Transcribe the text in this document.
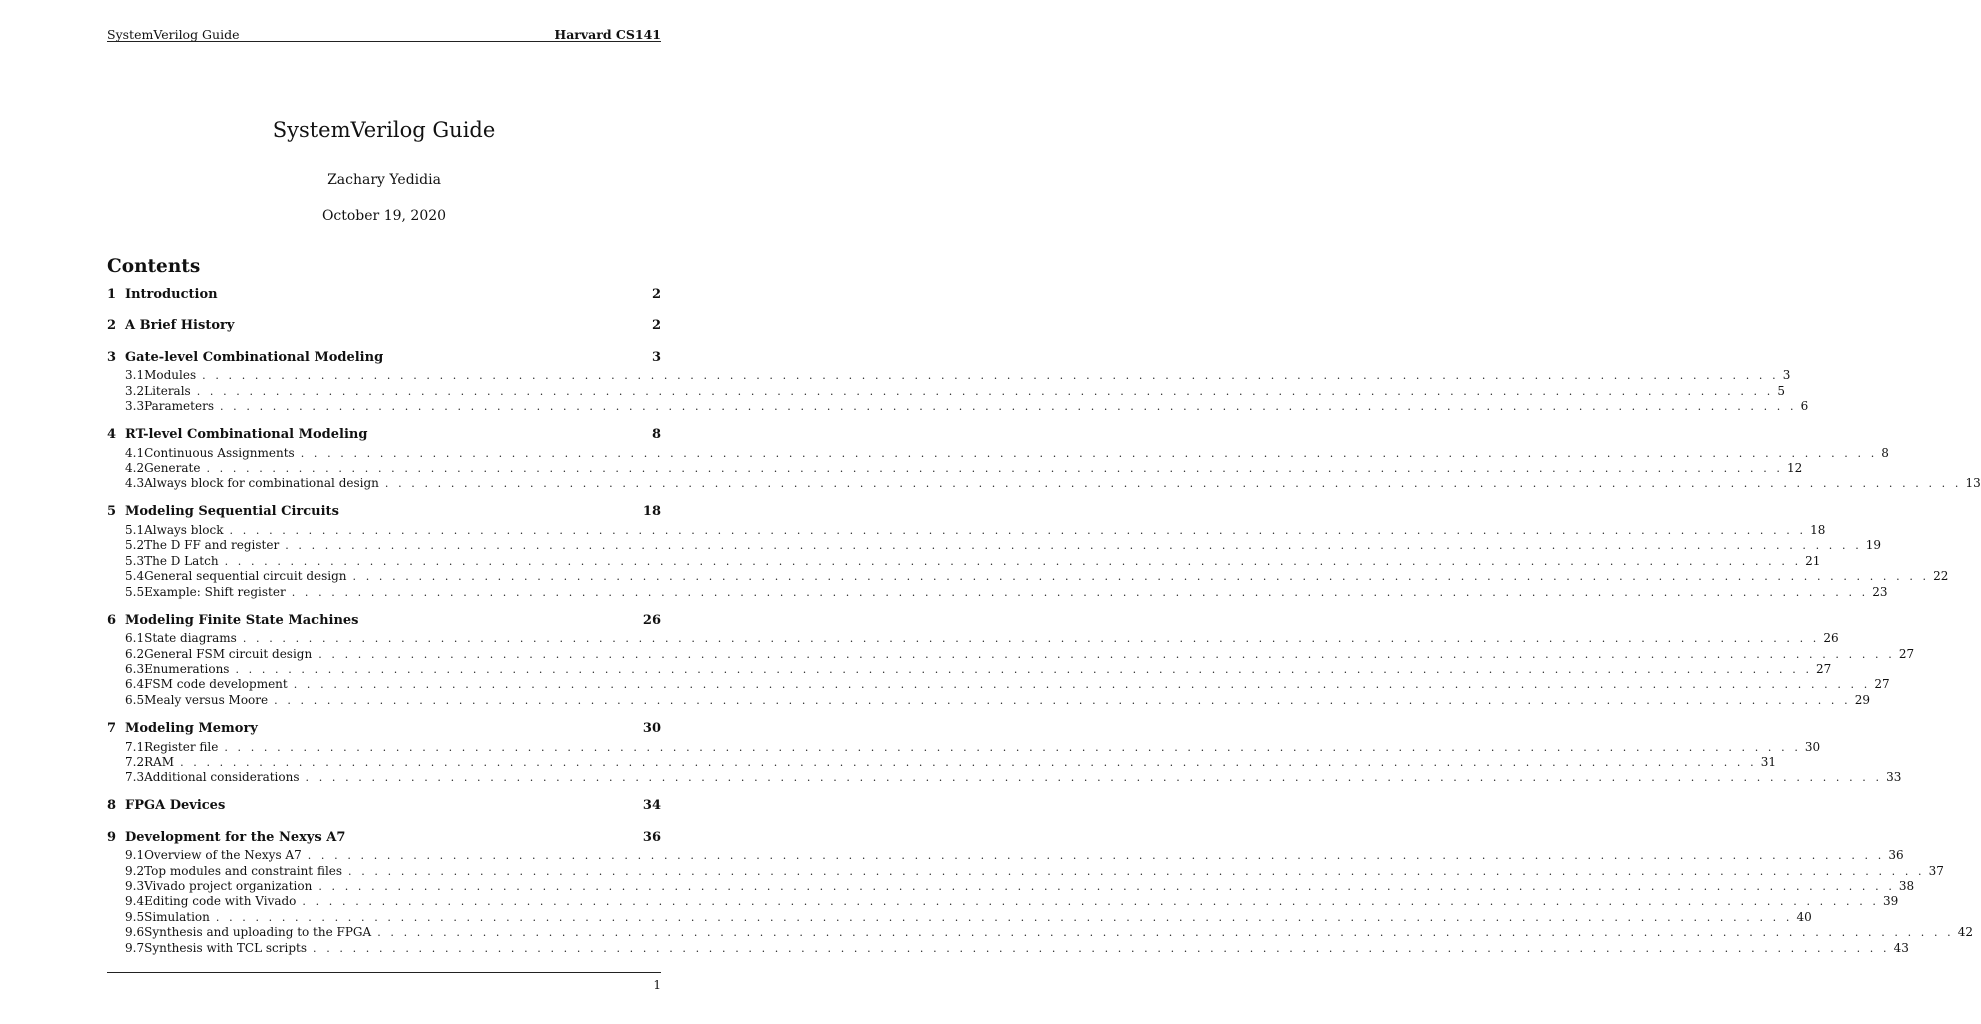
SystemVerilog Guide	Harvard CS141
SystemVerilog Guide
Zachary Yedidia
October 19, 2020
Contents
1 Introduction	2
2 A Brief History	2
3 Gate-level Combinational Modeling	3
3.1 Modules . . . . . . . . . . . . . . . . . . . . . . . . . . . . . . . . . . . . . . . . . . . . . . . . . . . . . . . . . . . . . . . . . . . . . . . . . . . . . . . . . . . . . . . . . . . . . . . . . . . . . . . . . . . . . . . . . . . . . . . . 3
3.2 Literals . . . . . . . . . . . . . . . . . . . . . . . . . . . . . . . . . . . . . . . . . . . . . . . . . . . . . . . . . . . . . . . . . . . . . . . . . . . . . . . . . . . . . . . . . . . . . . . . . . . . . . . . . . . . . . . . . . . . . . . . 5
3.3 Parameters . . . . . . . . . . . . . . . . . . . . . . . . . . . . . . . . . . . . . . . . . . . . . . . . . . . . . . . . . . . . . . . . . . . . . . . . . . . . . . . . . . . . . . . . . . . . . . . . . . . . . . . . . . . . . . . . . . . . . . . . 6
4 RT-level Combinational Modeling	8
4.1 Continuous Assignments . . . . . . . . . . . . . . . . . . . . . . . . . . . . . . . . . . . . . . . . . . . . . . . . . . . . . . . . . . . . . . . . . . . . . . . . . . . . . . . . . . . . . . . . . . . . . . . . . . . . . . . . . . . . . . . . . . . . . . . . 8
4.2 Generate . . . . . . . . . . . . . . . . . . . . . . . . . . . . . . . . . . . . . . . . . . . . . . . . . . . . . . . . . . . . . . . . . . . . . . . . . . . . . . . . . . . . . . . . . . . . . . . . . . . . . . . . . . . . . . . . . . . . . . . . 12
4.3 Always block for combinational design . . . . . . . . . . . . . . . . . . . . . . . . . . . . . . . . . . . . . . . . . . . . . . . . . . . . . . . . . . . . . . . . . . . . . . . . . . . . . . . . . . . . . . . . . . . . . . . . . . . . . . . . . . . . . . . . . . . . . . . . 13
5 Modeling Sequential Circuits	18
5.1 Always block . . . . . . . . . . . . . . . . . . . . . . . . . . . . . . . . . . . . . . . . . . . . . . . . . . . . . . . . . . . . . . . . . . . . . . . . . . . . . . . . . . . . . . . . . . . . . . . . . . . . . . . . . . . . . . . . . . . . . . . . 18
5.2 The D FF and register . . . . . . . . . . . . . . . . . . . . . . . . . . . . . . . . . . . . . . . . . . . . . . . . . . . . . . . . . . . . . . . . . . . . . . . . . . . . . . . . . . . . . . . . . . . . . . . . . . . . . . . . . . . . . . . . . . . . . . . . 19
5.3 The D Latch . . . . . . . . . . . . . . . . . . . . . . . . . . . . . . . . . . . . . . . . . . . . . . . . . . . . . . . . . . . . . . . . . . . . . . . . . . . . . . . . . . . . . . . . . . . . . . . . . . . . . . . . . . . . . . . . . . . . . . . . 21
5.4 General sequential circuit design . . . . . . . . . . . . . . . . . . . . . . . . . . . . . . . . . . . . . . . . . . . . . . . . . . . . . . . . . . . . . . . . . . . . . . . . . . . . . . . . . . . . . . . . . . . . . . . . . . . . . . . . . . . . . . . . . . . . . . . . 22
5.5 Example: Shift register . . . . . . . . . . . . . . . . . . . . . . . . . . . . . . . . . . . . . . . . . . . . . . . . . . . . . . . . . . . . . . . . . . . . . . . . . . . . . . . . . . . . . . . . . . . . . . . . . . . . . . . . . . . . . . . . . . . . . . . . 23
6 Modeling Finite State Machines	26
6.1 State diagrams . . . . . . . . . . . . . . . . . . . . . . . . . . . . . . . . . . . . . . . . . . . . . . . . . . . . . . . . . . . . . . . . . . . . . . . . . . . . . . . . . . . . . . . . . . . . . . . . . . . . . . . . . . . . . . . . . . . . . . . . 26
6.2 General FSM circuit design . . . . . . . . . . . . . . . . . . . . . . . . . . . . . . . . . . . . . . . . . . . . . . . . . . . . . . . . . . . . . . . . . . . . . . . . . . . . . . . . . . . . . . . . . . . . . . . . . . . . . . . . . . . . . . . . . . . . . . . . 27
6.3 Enumerations . . . . . . . . . . . . . . . . . . . . . . . . . . . . . . . . . . . . . . . . . . . . . . . . . . . . . . . . . . . . . . . . . . . . . . . . . . . . . . . . . . . . . . . . . . . . . . . . . . . . . . . . . . . . . . . . . . . . . . . . 27
6.4 FSM code development . . . . . . . . . . . . . . . . . . . . . . . . . . . . . . . . . . . . . . . . . . . . . . . . . . . . . . . . . . . . . . . . . . . . . . . . . . . . . . . . . . . . . . . . . . . . . . . . . . . . . . . . . . . . . . . . . . . . . . . . 27
6.5 Mealy versus Moore . . . . . . . . . . . . . . . . . . . . . . . . . . . . . . . . . . . . . . . . . . . . . . . . . . . . . . . . . . . . . . . . . . . . . . . . . . . . . . . . . . . . . . . . . . . . . . . . . . . . . . . . . . . . . . . . . . . . . . . . 29
7 Modeling Memory	30
7.1 Register file . . . . . . . . . . . . . . . . . . . . . . . . . . . . . . . . . . . . . . . . . . . . . . . . . . . . . . . . . . . . . . . . . . . . . . . . . . . . . . . . . . . . . . . . . . . . . . . . . . . . . . . . . . . . . . . . . . . . . . . . 30
7.2 RAM . . . . . . . . . . . . . . . . . . . . . . . . . . . . . . . . . . . . . . . . . . . . . . . . . . . . . . . . . . . . . . . . . . . . . . . . . . . . . . . . . . . . . . . . . . . . . . . . . . . . . . . . . . . . . . . . . . . . . . . . 31
7.3 Additional considerations . . . . . . . . . . . . . . . . . . . . . . . . . . . . . . . . . . . . . . . . . . . . . . . . . . . . . . . . . . . . . . . . . . . . . . . . . . . . . . . . . . . . . . . . . . . . . . . . . . . . . . . . . . . . . . . . . . . . . . . . 33
8 FPGA Devices	34
9 Development for the Nexys A7	36
9.1 Overview of the Nexys A7 . . . . . . . . . . . . . . . . . . . . . . . . . . . . . . . . . . . . . . . . . . . . . . . . . . . . . . . . . . . . . . . . . . . . . . . . . . . . . . . . . . . . . . . . . . . . . . . . . . . . . . . . . . . . . . . . . . . . . . . . 36
9.2 Top modules and constraint files . . . . . . . . . . . . . . . . . . . . . . . . . . . . . . . . . . . . . . . . . . . . . . . . . . . . . . . . . . . . . . . . . . . . . . . . . . . . . . . . . . . . . . . . . . . . . . . . . . . . . . . . . . . . . . . . . . . . . . . . 37
9.3 Vivado project organization . . . . . . . . . . . . . . . . . . . . . . . . . . . . . . . . . . . . . . . . . . . . . . . . . . . . . . . . . . . . . . . . . . . . . . . . . . . . . . . . . . . . . . . . . . . . . . . . . . . . . . . . . . . . . . . . . . . . . . . . 38
9.4 Editing code with Vivado . . . . . . . . . . . . . . . . . . . . . . . . . . . . . . . . . . . . . . . . . . . . . . . . . . . . . . . . . . . . . . . . . . . . . . . . . . . . . . . . . . . . . . . . . . . . . . . . . . . . . . . . . . . . . . . . . . . . . . . . 39
9.5 Simulation . . . . . . . . . . . . . . . . . . . . . . . . . . . . . . . . . . . . . . . . . . . . . . . . . . . . . . . . . . . . . . . . . . . . . . . . . . . . . . . . . . . . . . . . . . . . . . . . . . . . . . . . . . . . . . . . . . . . . . . . 40
9.6 Synthesis and uploading to the FPGA . . . . . . . . . . . . . . . . . . . . . . . . . . . . . . . . . . . . . . . . . . . . . . . . . . . . . . . . . . . . . . . . . . . . . . . . . . . . . . . . . . . . . . . . . . . . . . . . . . . . . . . . . . . . . . . . . . . . . . . . 42
9.7 Synthesis with TCL scripts . . . . . . . . . . . . . . . . . . . . . . . . . . . . . . . . . . . . . . . . . . . . . . . . . . . . . . . . . . . . . . . . . . . . . . . . . . . . . . . . . . . . . . . . . . . . . . . . . . . . . . . . . . . . . . . . . . . . . . . . 43
1
